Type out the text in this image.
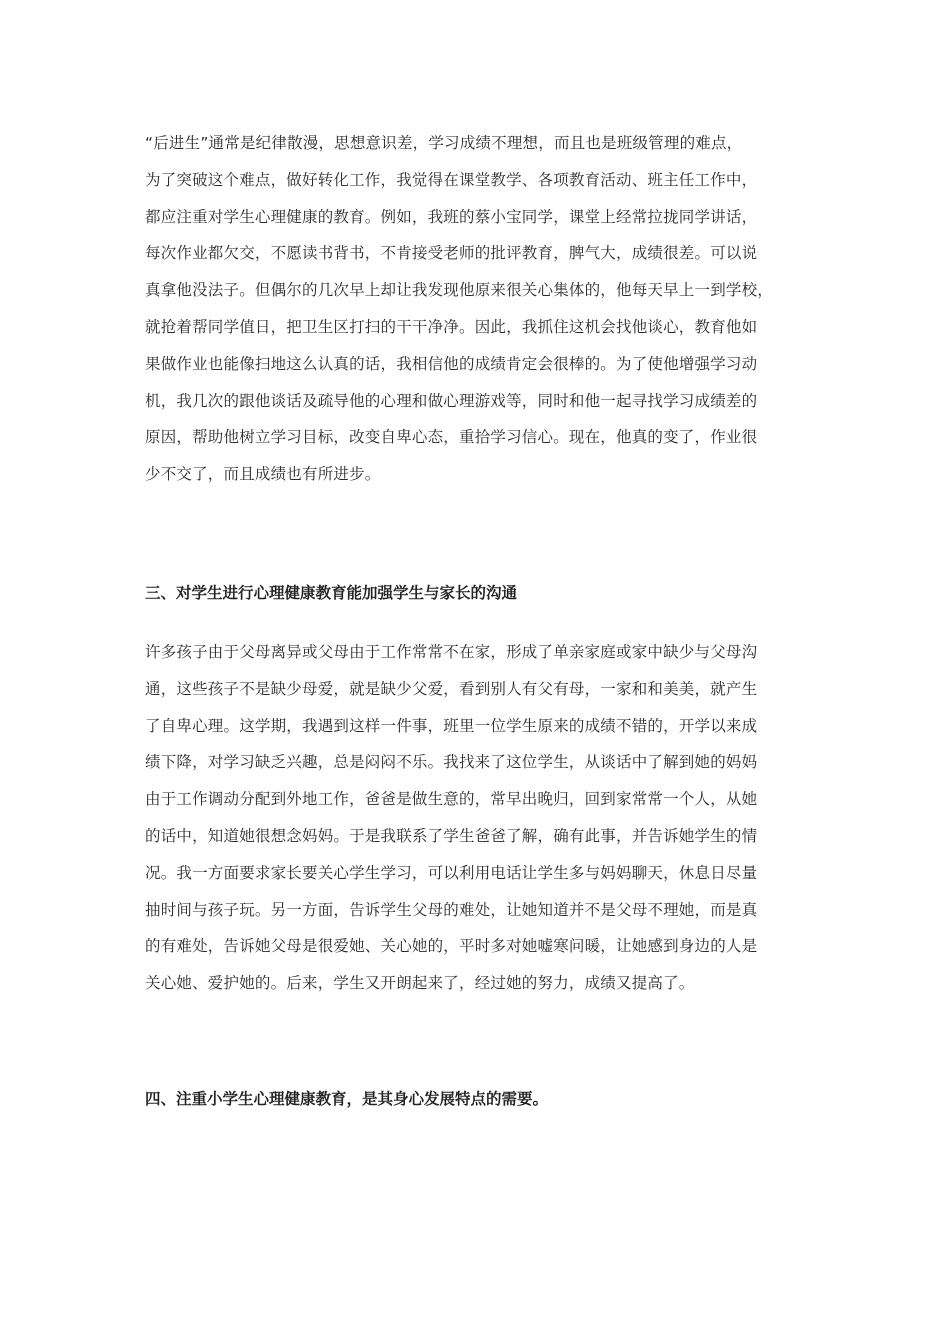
“后进生”通常是纪律散漫，思想意识差，学习成绩不理想，而且也是班级管理的难点，
为了突破这个难点，做好转化工作，我觉得在课堂教学、各项教育活动、班主任工作中，
都应注重对学生心理健康的教育。例如，我班的蔡小宝同学，课堂上经常拉拢同学讲话，
每次作业都欠交，不愿读书背书，不肯接受老师的批评教育，脾气大，成绩很差。可以说
真拿他没法子。但偶尔的几次早上却让我发现他原来很关心集体的，他每天早上一到学校，
就抢着帮同学值日，把卫生区打扫的干干净净。因此，我抓住这机会找他谈心，教育他如
果做作业也能像扫地这么认真的话，我相信他的成绩肯定会很棒的。为了使他增强学习动
机，我几次的跟他谈话及疏导他的心理和做心理游戏等，同时和他一起寻找学习成绩差的
原因，帮助他树立学习目标，改变自卑心态，重拾学习信心。现在，他真的变了，作业很
少不交了，而且成绩也有所进步。
三、对学生进行心理健康教育能加强学生与家长的沟通
许多孩子由于父母离异或父母由于工作常常不在家，形成了单亲家庭或家中缺少与父母沟
通，这些孩子不是缺少母爱，就是缺少父爱，看到别人有父有母，一家和和美美，就产生
了自卑心理。这学期，我遇到这样一件事，班里一位学生原来的成绩不错的，开学以来成
绩下降，对学习缺乏兴趣，总是闷闷不乐。我找来了这位学生，从谈话中了解到她的妈妈
由于工作调动分配到外地工作，爸爸是做生意的，常早出晚归，回到家常常一个人，从她
的话中，知道她很想念妈妈。于是我联系了学生爸爸了解，确有此事，并告诉她学生的情
况。我一方面要求家长要关心学生学习，可以利用电话让学生多与妈妈聊天，休息日尽量
抽时间与孩子玩。另一方面，告诉学生父母的难处，让她知道并不是父母不理她，而是真
的有难处，告诉她父母是很爱她、关心她的，平时多对她嘘寒问暖，让她感到身边的人是
关心她、爱护她的。后来，学生又开朗起来了，经过她的努力，成绩又提高了。
四、注重小学生心理健康教育，是其身心发展特点的需要。
